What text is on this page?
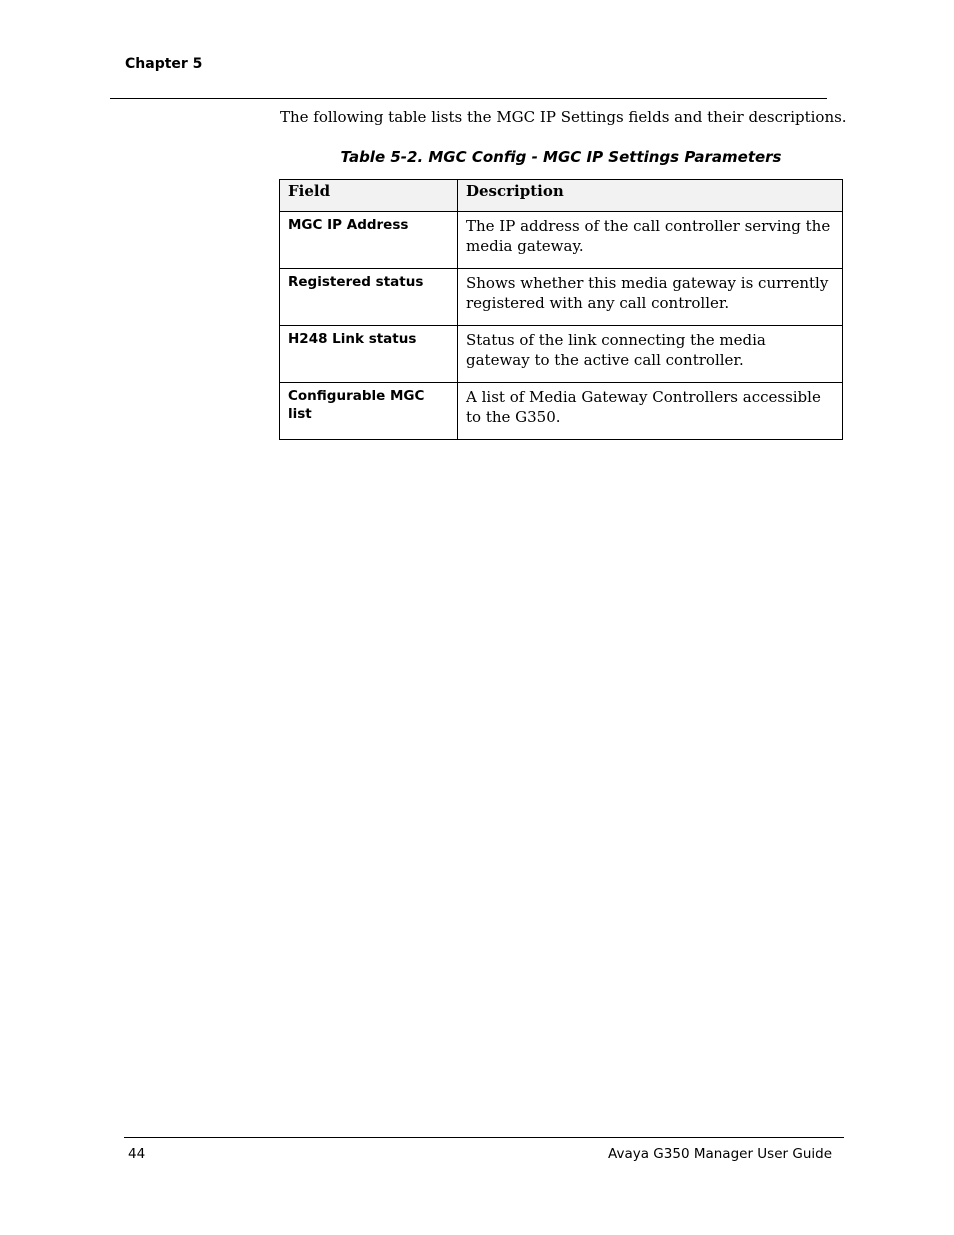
Chapter 5
The following table lists the MGC IP Settings fields and their descriptions.
Table 5-2. MGC Config - MGC IP Settings Parameters
Field	Description
MGC IP Address	The IP address of the call controller serving the media gateway.
Registered status	Shows whether this media gateway is currently registered with any call controller.
H248 Link status	Status of the link connecting the media gateway to the active call controller.
Configurable MGC list	A list of Media Gateway Controllers accessible to the G350.
44	Avaya G350 Manager User Guide
